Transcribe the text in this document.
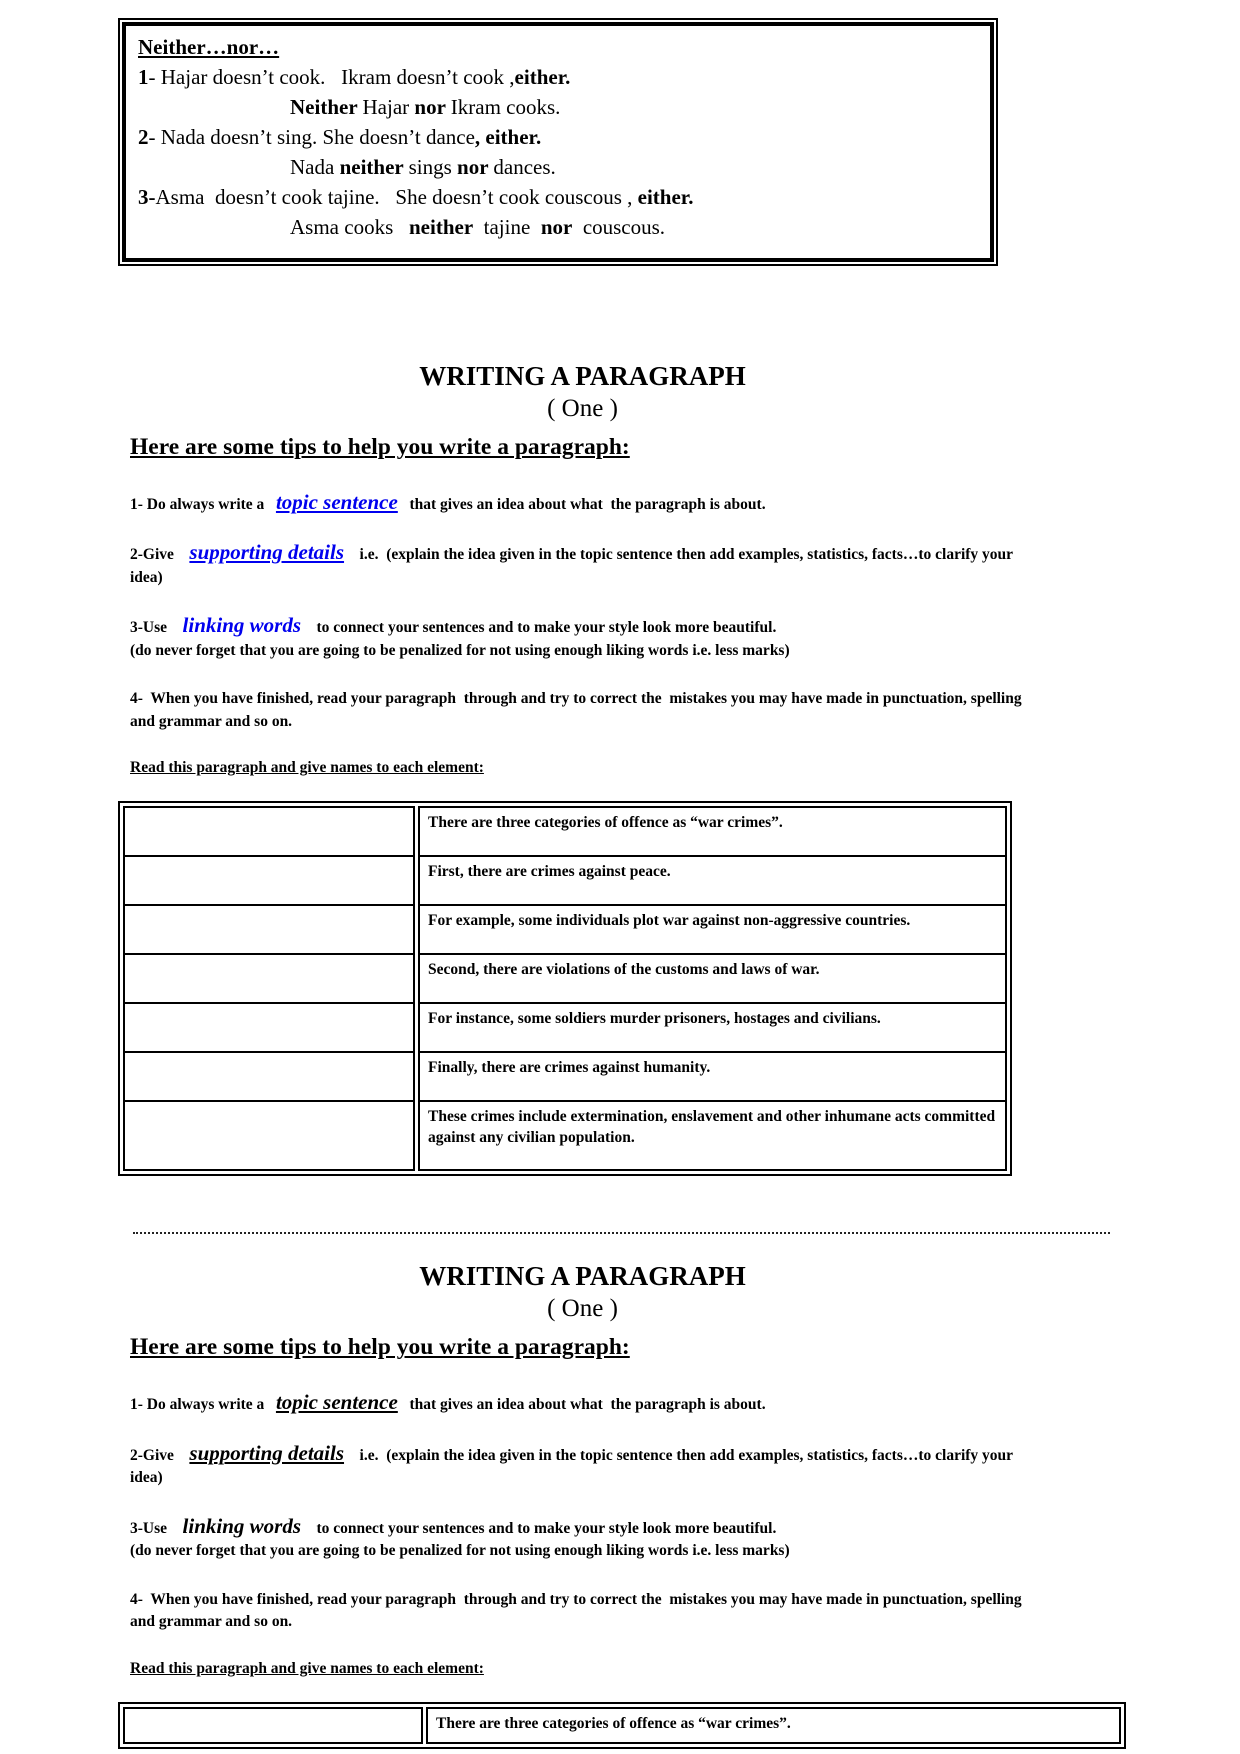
Neither…nor…
1- Hajar doesn’t cook.   Ikram doesn’t cook ,either.
Neither Hajar nor Ikram cooks.
2- Nada doesn’t sing. She doesn’t dance, either.
Nada neither sings nor dances.
3-Asma  doesn’t cook tajine.   She doesn’t cook couscous , either.
Asma cooks   neither  tajine  nor  couscous.
WRITING A PARAGRAPH
( One )
Here are some tips to help you write a paragraph:
1- Do always write a   topic sentence   that gives an idea about what  the paragraph is about.
2-Give    supporting details    i.e.  (explain the idea given in the topic sentence then add examples, statistics, facts…to clarify your idea)
3-Use    linking words    to connect your sentences and to make your style look more beautiful.
(do never forget that you are going to be penalized for not using enough liking words i.e. less marks)
4-  When you have finished, read your paragraph  through and try to correct the  mistakes you may have made in punctuation, spelling and grammar and so on.
Read this paragraph and give names to each element:
	There are three categories of offence as “war crimes”.
	First, there are crimes against peace.
	For example, some individuals plot war against non-aggressive countries.
	Second, there are violations of the customs and laws of war.
	For instance, some soldiers murder prisoners, hostages and civilians.
	Finally, there are crimes against humanity.
	These crimes include extermination, enslavement and other inhumane acts committed against any civilian population.
WRITING A PARAGRAPH
( One )
Here are some tips to help you write a paragraph:
1- Do always write a   topic sentence   that gives an idea about what  the paragraph is about.
2-Give    supporting details    i.e.  (explain the idea given in the topic sentence then add examples, statistics, facts…to clarify your idea)
3-Use    linking words    to connect your sentences and to make your style look more beautiful.
(do never forget that you are going to be penalized for not using enough liking words i.e. less marks)
4-  When you have finished, read your paragraph  through and try to correct the  mistakes you may have made in punctuation, spelling and grammar and so on.
Read this paragraph and give names to each element:
	There are three categories of offence as “war crimes”.
